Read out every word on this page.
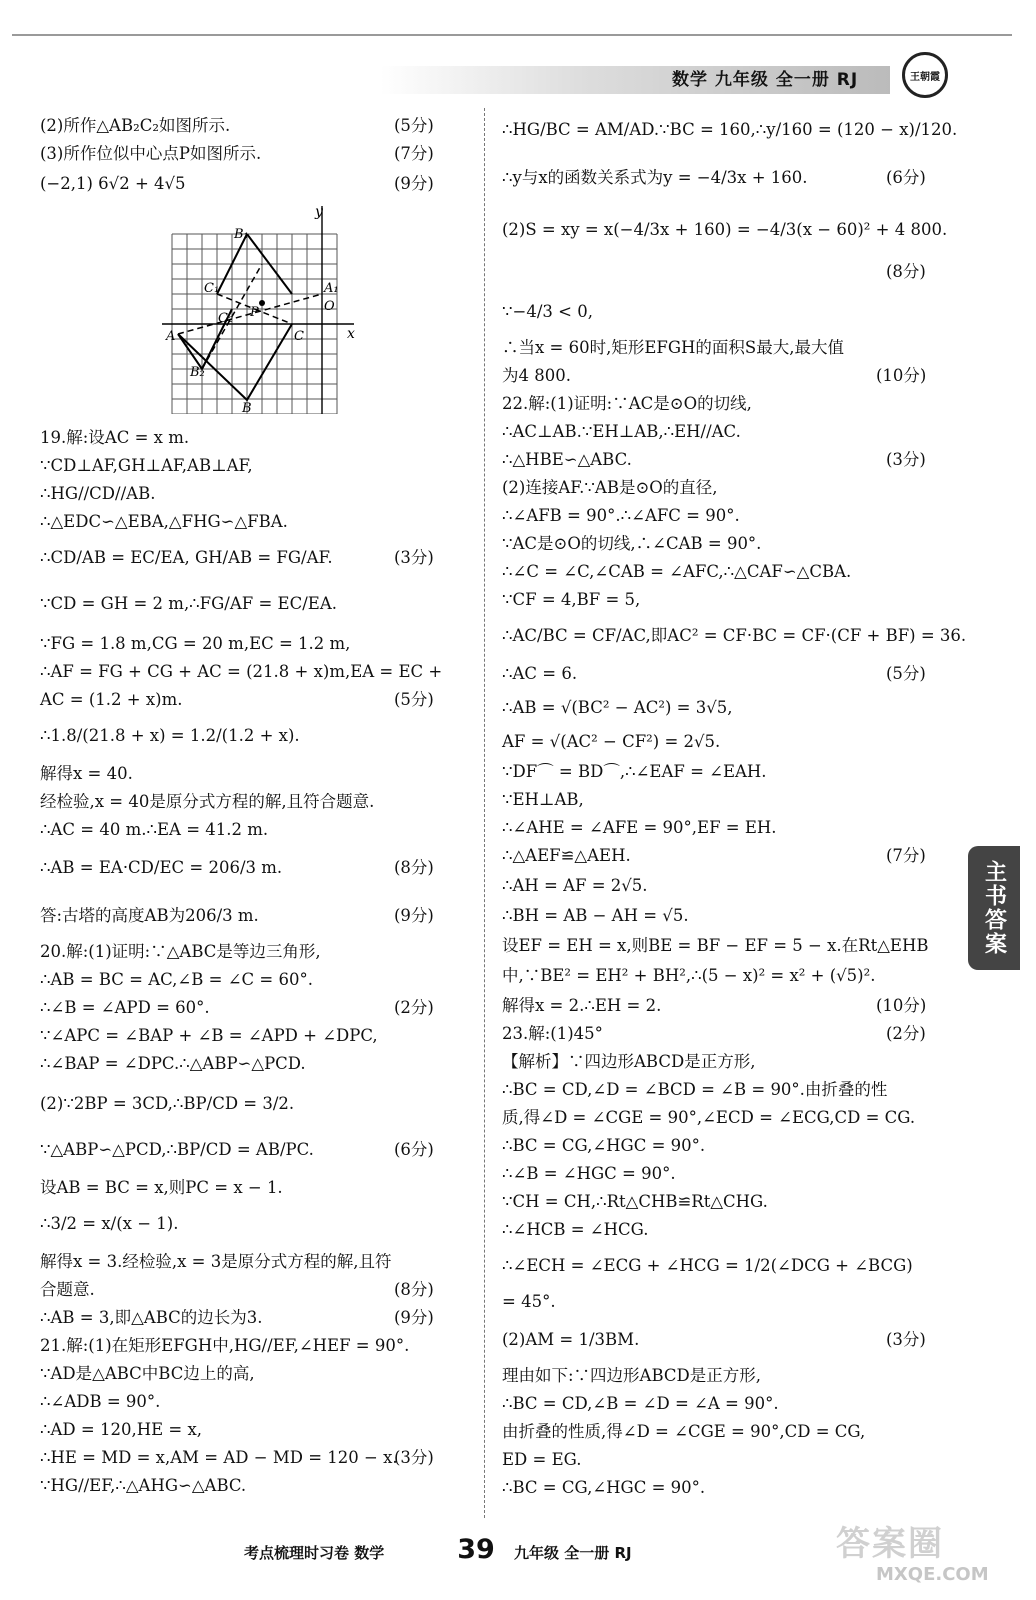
数学 九年级 全一册 RJ	王朝霞
(2)所作△AB₂C₂如图所示.
(3)所作位似中心点P如图所示.
(−2,1) 6√2 + 4√5
y
x
O
A
A₁
B
B₁
B₂
C
C₁
C₂ P
19.解:设AC = x m.
∵CD⊥AF,GH⊥AF,AB⊥AF,
∴HG//CD//AB.
∴△EDC∽△EBA,△FHG∽△FBA.
∴CD/AB = EC/EA, GH/AB = FG/AF.
∵CD = GH = 2 m,∴FG/AF = EC/EA.
∵FG = 1.8 m,CG = 20 m,EC = 1.2 m,
∴AF = FG + CG + AC = (21.8 + x)m,EA = EC +
AC = (1.2 + x)m.
∴1.8/(21.8 + x) = 1.2/(1.2 + x).
解得x = 40.
经检验,x = 40是原分式方程的解,且符合题意.
∴AC = 40 m.∴EA = 41.2 m.
∴AB = EA·CD/EC = 206/3 m.
答:古塔的高度AB为206/3 m.
20.解:(1)证明:∵△ABC是等边三角形,
∴AB = BC = AC,∠B = ∠C = 60°.
∴∠B = ∠APD = 60°.
∵∠APC = ∠BAP + ∠B = ∠APD + ∠DPC,
∴∠BAP = ∠DPC.∴△ABP∽△PCD.
(2)∵2BP = 3CD,∴BP/CD = 3/2.
∵△ABP∽△PCD,∴BP/CD = AB/PC.
设AB = BC = x,则PC = x − 1.
∴3/2 = x/(x − 1).
解得x = 3.经检验,x = 3是原分式方程的解,且符
合题意.
∴AB = 3,即△ABC的边长为3.
21.解:(1)在矩形EFGH中,HG//EF,∠HEF = 90°.
∵AD是△ABC中BC边上的高,
∴∠ADB = 90°.
∴AD = 120,HE = x,
∴HE = MD = x,AM = AD − MD = 120 − x.
∵HG//EF,∴△AHG∽△ABC.
(5分)
(7分)
(9分)
(3分)
(5分)
(8分)
(9分)
(2分)
(6分)
(8分)
(9分)
(3分)
∴HG/BC = AM/AD.∵BC = 160,∴y/160 = (120 − x)/120.
∴y与x的函数关系式为y = −4/3x + 160.
(2)S = xy = x(−4/3x + 160) = −4/3(x − 60)² + 4 800.
∵−4/3 < 0,
∴当x = 60时,矩形EFGH的面积S最大,最大值
为4 800.
22.解:(1)证明:∵AC是⊙O的切线,
∴AC⊥AB.∵EH⊥AB,∴EH//AC.
∴△HBE∽△ABC.
(2)连接AF.∵AB是⊙O的直径,
∴∠AFB = 90°.∴∠AFC = 90°.
∵AC是⊙O的切线,∴∠CAB = 90°.
∴∠C = ∠C,∠CAB = ∠AFC,∴△CAF∽△CBA.
∵CF = 4,BF = 5,
∴AC/BC = CF/AC,即AC² = CF·BC = CF·(CF + BF) = 36.
∴AC = 6.
∴AB = √(BC² − AC²) = 3√5,
AF = √(AC² − CF²) = 2√5.
∵DF⌒ = BD⌒,∴∠EAF = ∠EAH.
∵EH⊥AB,
∴∠AHE = ∠AFE = 90°,EF = EH.
∴△AEF≌△AEH.
∴AH = AF = 2√5.
∴BH = AB − AH = √5.
设EF = EH = x,则BE = BF − EF = 5 − x.在Rt△EHB
中,∵BE² = EH² + BH²,∴(5 − x)² = x² + (√5)².
解得x = 2.∴EH = 2.
23.解:(1)45°
【解析】∵四边形ABCD是正方形,
∴BC = CD,∠D = ∠BCD = ∠B = 90°.由折叠的性
质,得∠D = ∠CGE = 90°,∠ECD = ∠ECG,CD = CG.
∴BC = CG,∠HGC = 90°.
∴∠B = ∠HGC = 90°.
∵CH = CH,∴Rt△CHB≌Rt△CHG.
∴∠HCB = ∠HCG.
∴∠ECH = ∠ECG + ∠HCG = 1/2(∠DCG + ∠BCG)
= 45°.
(2)AM = 1/3BM.
理由如下:∵四边形ABCD是正方形,
∴BC = CD,∠B = ∠D = ∠A = 90°.
由折叠的性质,得∠D = ∠CGE = 90°,CD = CG,
ED = EG.
∴BC = CG,∠HGC = 90°.
(6分)
(8分)
(10分)
(3分)
(5分)
(7分)
(10分)
(2分)
(3分)
主书答案
考点梳理时习卷 数学	39 九年级 全一册 RJ	答案圈
MXQE.COM
